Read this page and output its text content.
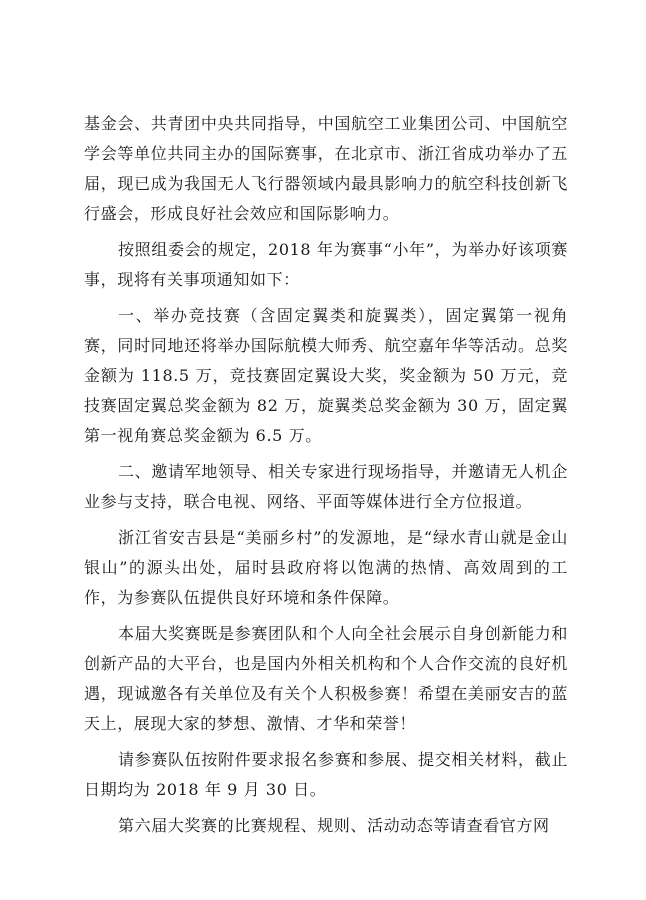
基金会、共青团中央共同指导，中国航空工业集团公司、中国航空学会等单位共同主办的国际赛事，在北京市、浙江省成功举办了五届，现已成为我国无人飞行器领域内最具影响力的航空科技创新飞行盛会，形成良好社会效应和国际影响力。

按照组委会的规定，2018 年为赛事“小年”，为举办好该项赛事，现将有关事项通知如下：

一、举办竞技赛（含固定翼类和旋翼类），固定翼第一视角赛，同时同地还将举办国际航模大师秀、航空嘉年华等活动。总奖金额为 118.5 万，竞技赛固定翼设大奖，奖金额为 50 万元，竞技赛固定翼总奖金额为 82 万，旋翼类总奖金额为 30 万，固定翼第一视角赛总奖金额为 6.5 万。

二、邀请军地领导、相关专家进行现场指导，并邀请无人机企业参与支持，联合电视、网络、平面等媒体进行全方位报道。

浙江省安吉县是“美丽乡村”的发源地，是“绿水青山就是金山银山”的源头出处，届时县政府将以饱满的热情、高效周到的工作，为参赛队伍提供良好环境和条件保障。

本届大奖赛既是参赛团队和个人向全社会展示自身创新能力和创新产品的大平台，也是国内外相关机构和个人合作交流的良好机遇，现诚邀各有关单位及有关个人积极参赛！希望在美丽安吉的蓝天上，展现大家的梦想、激情、才华和荣誉！

请参赛队伍按附件要求报名参赛和参展、提交相关材料，截止日期均为 2018 年 9 月 30 日。

第六届大奖赛的比赛规程、规则、活动动态等请查看官方网
